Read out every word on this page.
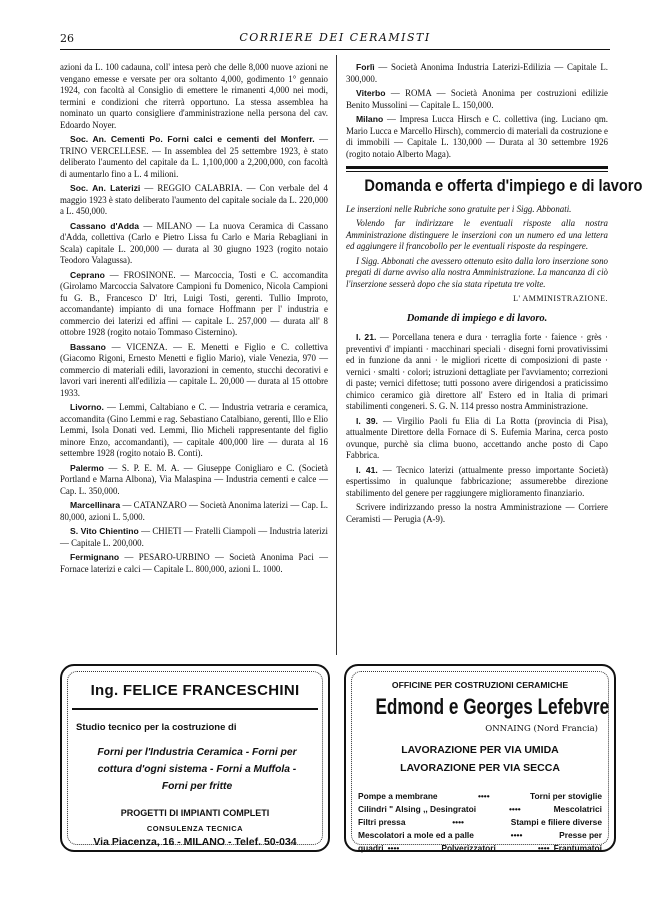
26	CORRIERE DEI CERAMISTI

azioni da L. 100 cadauna, coll' intesa però che delle 8,000 nuove azioni ne vengano emesse e versate per ora soltanto 4,000, godimento 1° gennaio 1924, con facoltà al Consiglio di emettere le rimanenti 4,000 nei modi, termini e condizioni che riterrà opportuno. La stessa assemblea ha nominato un quarto consigliere d'amministrazione nella persona del cav. Edoardo Noyer.

Soc. An. Cementi Po. Forni calci e cementi del Monferr. — TRINO VERCELLESE. — In assemblea del 25 settembre 1923, è stato deliberato l'aumento del capitale da L. 1,100,000 a 2,200,000, con facoltà di aumentarlo fino a L. 4 milioni.

Soc. An. Laterizi — REGGIO CALABRIA. — Con verbale del 4 maggio 1923 è stato deliberato l'aumento del capitale sociale da L. 220,000 a L. 450,000.

Cassano d'Adda — MILANO — La nuova Ceramica di Cassano d'Adda, collettiva (Carlo e Pietro Lissa fu Carlo e Maria Rebagliani in Scala) capitale L. 200,000 — durata al 30 giugno 1923 (rogito notaio Teodoro Valagussa).

Ceprano — FROSINONE. — Marcoccia, Tosti e C. accomandita (Girolamo Marcoccia Salvatore Campioni fu Domenico, Nicola Campioni fu G. B., Francesco D' Itri, Luigi Tosti, gerenti. Tullio Improto, accomandante) impianto di una fornace Hoffmann per l' industria e commercio dei laterizi ed affini — capitale L. 257,000 — durata all' 8 ottobre 1928 (rogito notaio Tommaso Cisternino).

Bassano — VICENZA. — E. Menetti e Figlio e C. collettiva (Giacomo Rigoni, Ernesto Menetti e figlio Mario), viale Venezia, 970 — commercio di materiali edili, lavorazioni in cemento, stucchi decorativi e lavori vari inerenti all'edilizia — capitale L. 20,000 — durata al 15 ottobre 1933.

Livorno. — Lemmi, Caltabiano e C. — Industria vetraria e ceramica, accomandita (Gino Lemmi e rag. Sebastiano Catalbiano, gerenti, Illo e Elio Lemmi, Isola Donati ved. Lemmi, Ilio Micheli rappresentante del figlio minore Enzo, accomandanti), — capitale 400,000 lire — durata al 16 settembre 1928 (rogito notaio B. Conti).

Palermo — S. P. E. M. A. — Giuseppe Conigliaro e C. (Società Portland e Marna Albona), Via Malaspina — Industria cementi e calce — Cap. L. 350,000.

Marcellinara — CATANZARO — Società Anonima laterizi — Cap. L. 80,000, azioni L. 5,000.

S. Vito Chientino — CHIETI — Fratelli Ciampoli — Industria laterizi — Capitale L. 200,000.

Fermignano — PESARO-URBINO — Società Anonima Paci — Fornace laterizi e calci — Capitale L. 800,000, azioni L. 1000.

Forlì — Società Anonima Industria Laterizi-Edilizia — Capitale L. 300,000.

Viterbo — ROMA — Società Anonima per costruzioni edilizie Benito Mussolini — Capitale L. 150,000.

Milano — Impresa Lucca Hirsch e C. collettiva (ing. Luciano qm. Mario Lucca e Marcello Hirsch), commercio di materiali da costruzione e di immobili — Capitale L. 130,000 — Durata al 30 settembre 1926 (rogito notaio Alberto Maga).

Domanda e offerta d'impiego e di lavoro

Le inserzioni nelle Rubriche sono gratuite per i Sigg. Abbonati.

Volendo far indirizzare le eventuali risposte alla nostra Amministrazione distinguere le inserzioni con un numero ed una lettera ed aggiungere il francobollo per le eventuali risposte da respingere.

I Sigg. Abbonati che avessero ottenuto esito dalla loro inserzione sono pregati di darne avviso alla nostra Amministrazione. La mancanza di ciò l'inserzione sesserà dopo che sia stata ripetuta tre volte.

L' AMMINISTRAZIONE.
Domande di impiego e di lavoro.

I. 21. — Porcellana tenera e dura · terraglia forte · faience · grès · preventivi d' impianti · macchinari speciali · disegni forni provativissimi ed in funzione da anni · le migliori ricette di composizioni di paste · vernici · smalti · colori; istruzioni dettagliate per l'avviamento; correzioni di paste; vernici difettose; tutti possono avere dirigendosi a praticissimo chimico ceramico già direttore all' Estero ed in Italia di primari stabilimenti congeneri. S. G. N. 114 presso nostra Amministrazione.

I. 39. — Virgilio Paoli fu Elia di La Rotta (provincia di Pisa), attualmente Direttore della Fornace di S. Eufemia Marina, cerca posto ovunque, purchè sia clima buono, accettando anche posto di Capo Fabbrica.

I. 41. — Tecnico laterizi (attualmente presso importante Società) espertissimo in qualunque fabbricazione; assumerebbe direzione stabilimento del genere per raggiungere miglioramento finanziario.

Scrivere indirizzando presso la nostra Amministrazione — Corriere Ceramisti — Perugia (A-9).

Ing. FELICE FRANCESCHINI
Studio tecnico per la costruzione di
Forni per l'Industria Ceramica - Forni per
cottura d'ogni sistema - Forni a Muffola -
Forni per fritte
PROGETTI DI IMPIANTI COMPLETI
CONSULENZA TECNICA
Via Piacenza, 16 - MILANO - Telef. 50-034
OFFICINE PER COSTRUZIONI CERAMICHE
Edmond e Georges Lefebvre
ONNAING (Nord Francia)
LAVORAZIONE PER VIA UMIDA
LAVORAZIONE PER VIA SECCA
Pompe a membrane	••••	Torni per stoviglie
Cilindri " Alsing ,, Desingratoi	••••	Mescolatrici
Filtri pressa	••••	Stampi e filiere diverse
Mescolatori a mole ed a palle	••••	Presse per
quadri ••••	Polverizzatori	•••• Frantumatoi
